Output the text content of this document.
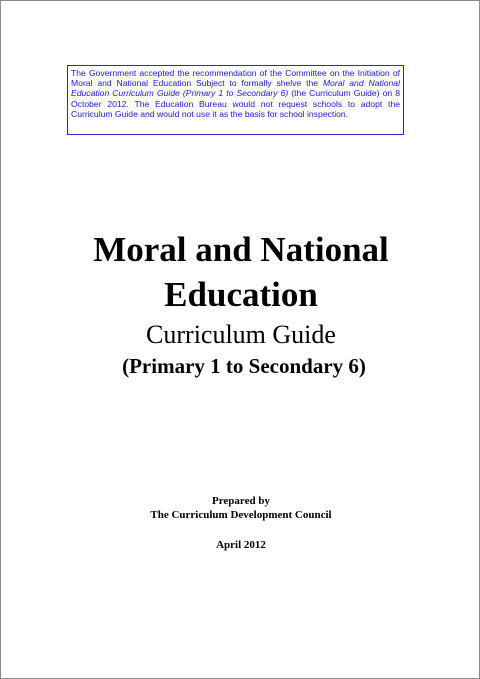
The Government accepted the recommendation of the Committee on the Initiation of Moral and National Education Subject to formally shelve the Moral and National Education Curriculum Guide (Primary 1 to Secondary 6) (the Curriculum Guide) on 8 October 2012. The Education Bureau would not request schools to adopt the Curriculum Guide and would not use it as the basis for school inspection.
Moral and National
Education
Curriculum Guide
(Primary 1 to Secondary 6)
Prepared by
The Curriculum Development Council
April 2012
